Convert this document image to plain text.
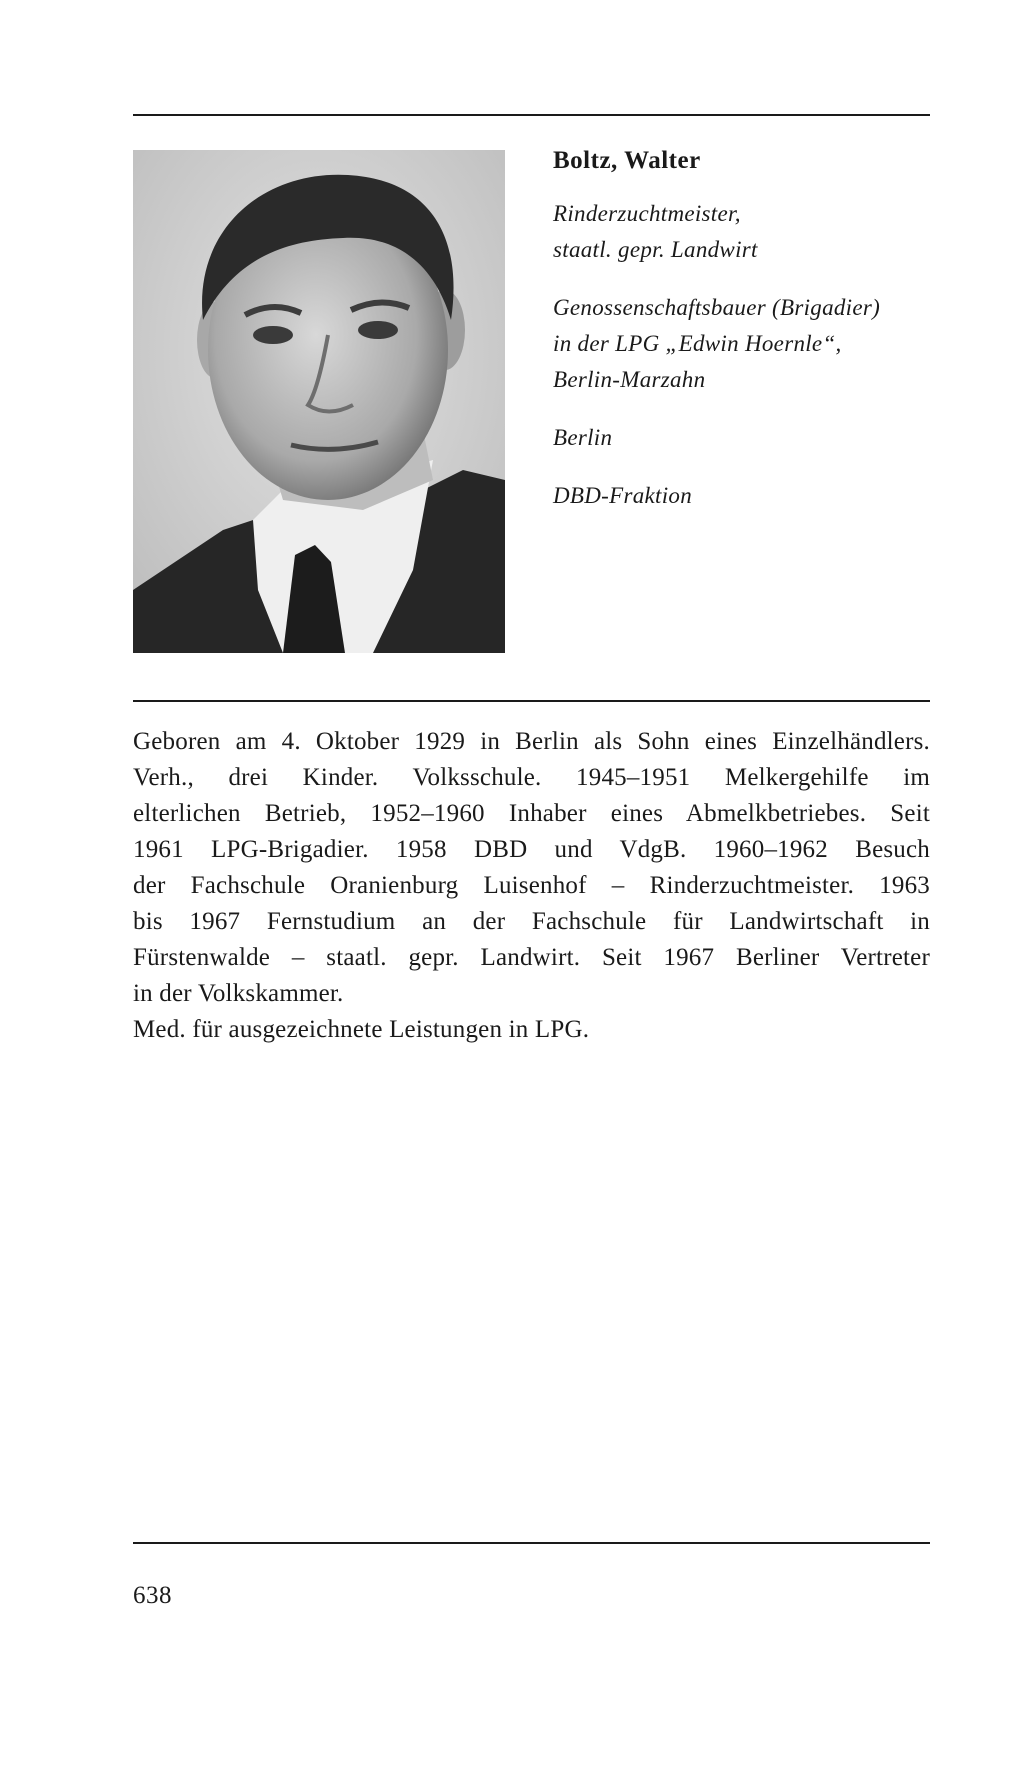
Boltz, Walter
Rinderzuchtmeister,
staatl. gepr. Landwirt
Genossenschaftsbauer (Brigadier)
in der LPG „Edwin Hoernle“,
Berlin-Marzahn
Berlin
DBD-Fraktion
Geboren am 4. Oktober 1929 in Berlin als Sohn eines Einzelhändlers.
Verh., drei Kinder. Volksschule. 1945–1951 Melkergehilfe im
elterlichen Betrieb, 1952–1960 Inhaber eines Abmelkbetriebes. Seit
1961 LPG-Brigadier. 1958 DBD und VdgB. 1960–1962 Besuch
der Fachschule Oranienburg Luisenhof – Rinderzuchtmeister. 1963
bis 1967 Fernstudium an der Fachschule für Landwirtschaft in
Fürstenwalde – staatl. gepr. Landwirt. Seit 1967 Berliner Vertreter
in der Volkskammer.
Med. für ausgezeichnete Leistungen in LPG.
638
